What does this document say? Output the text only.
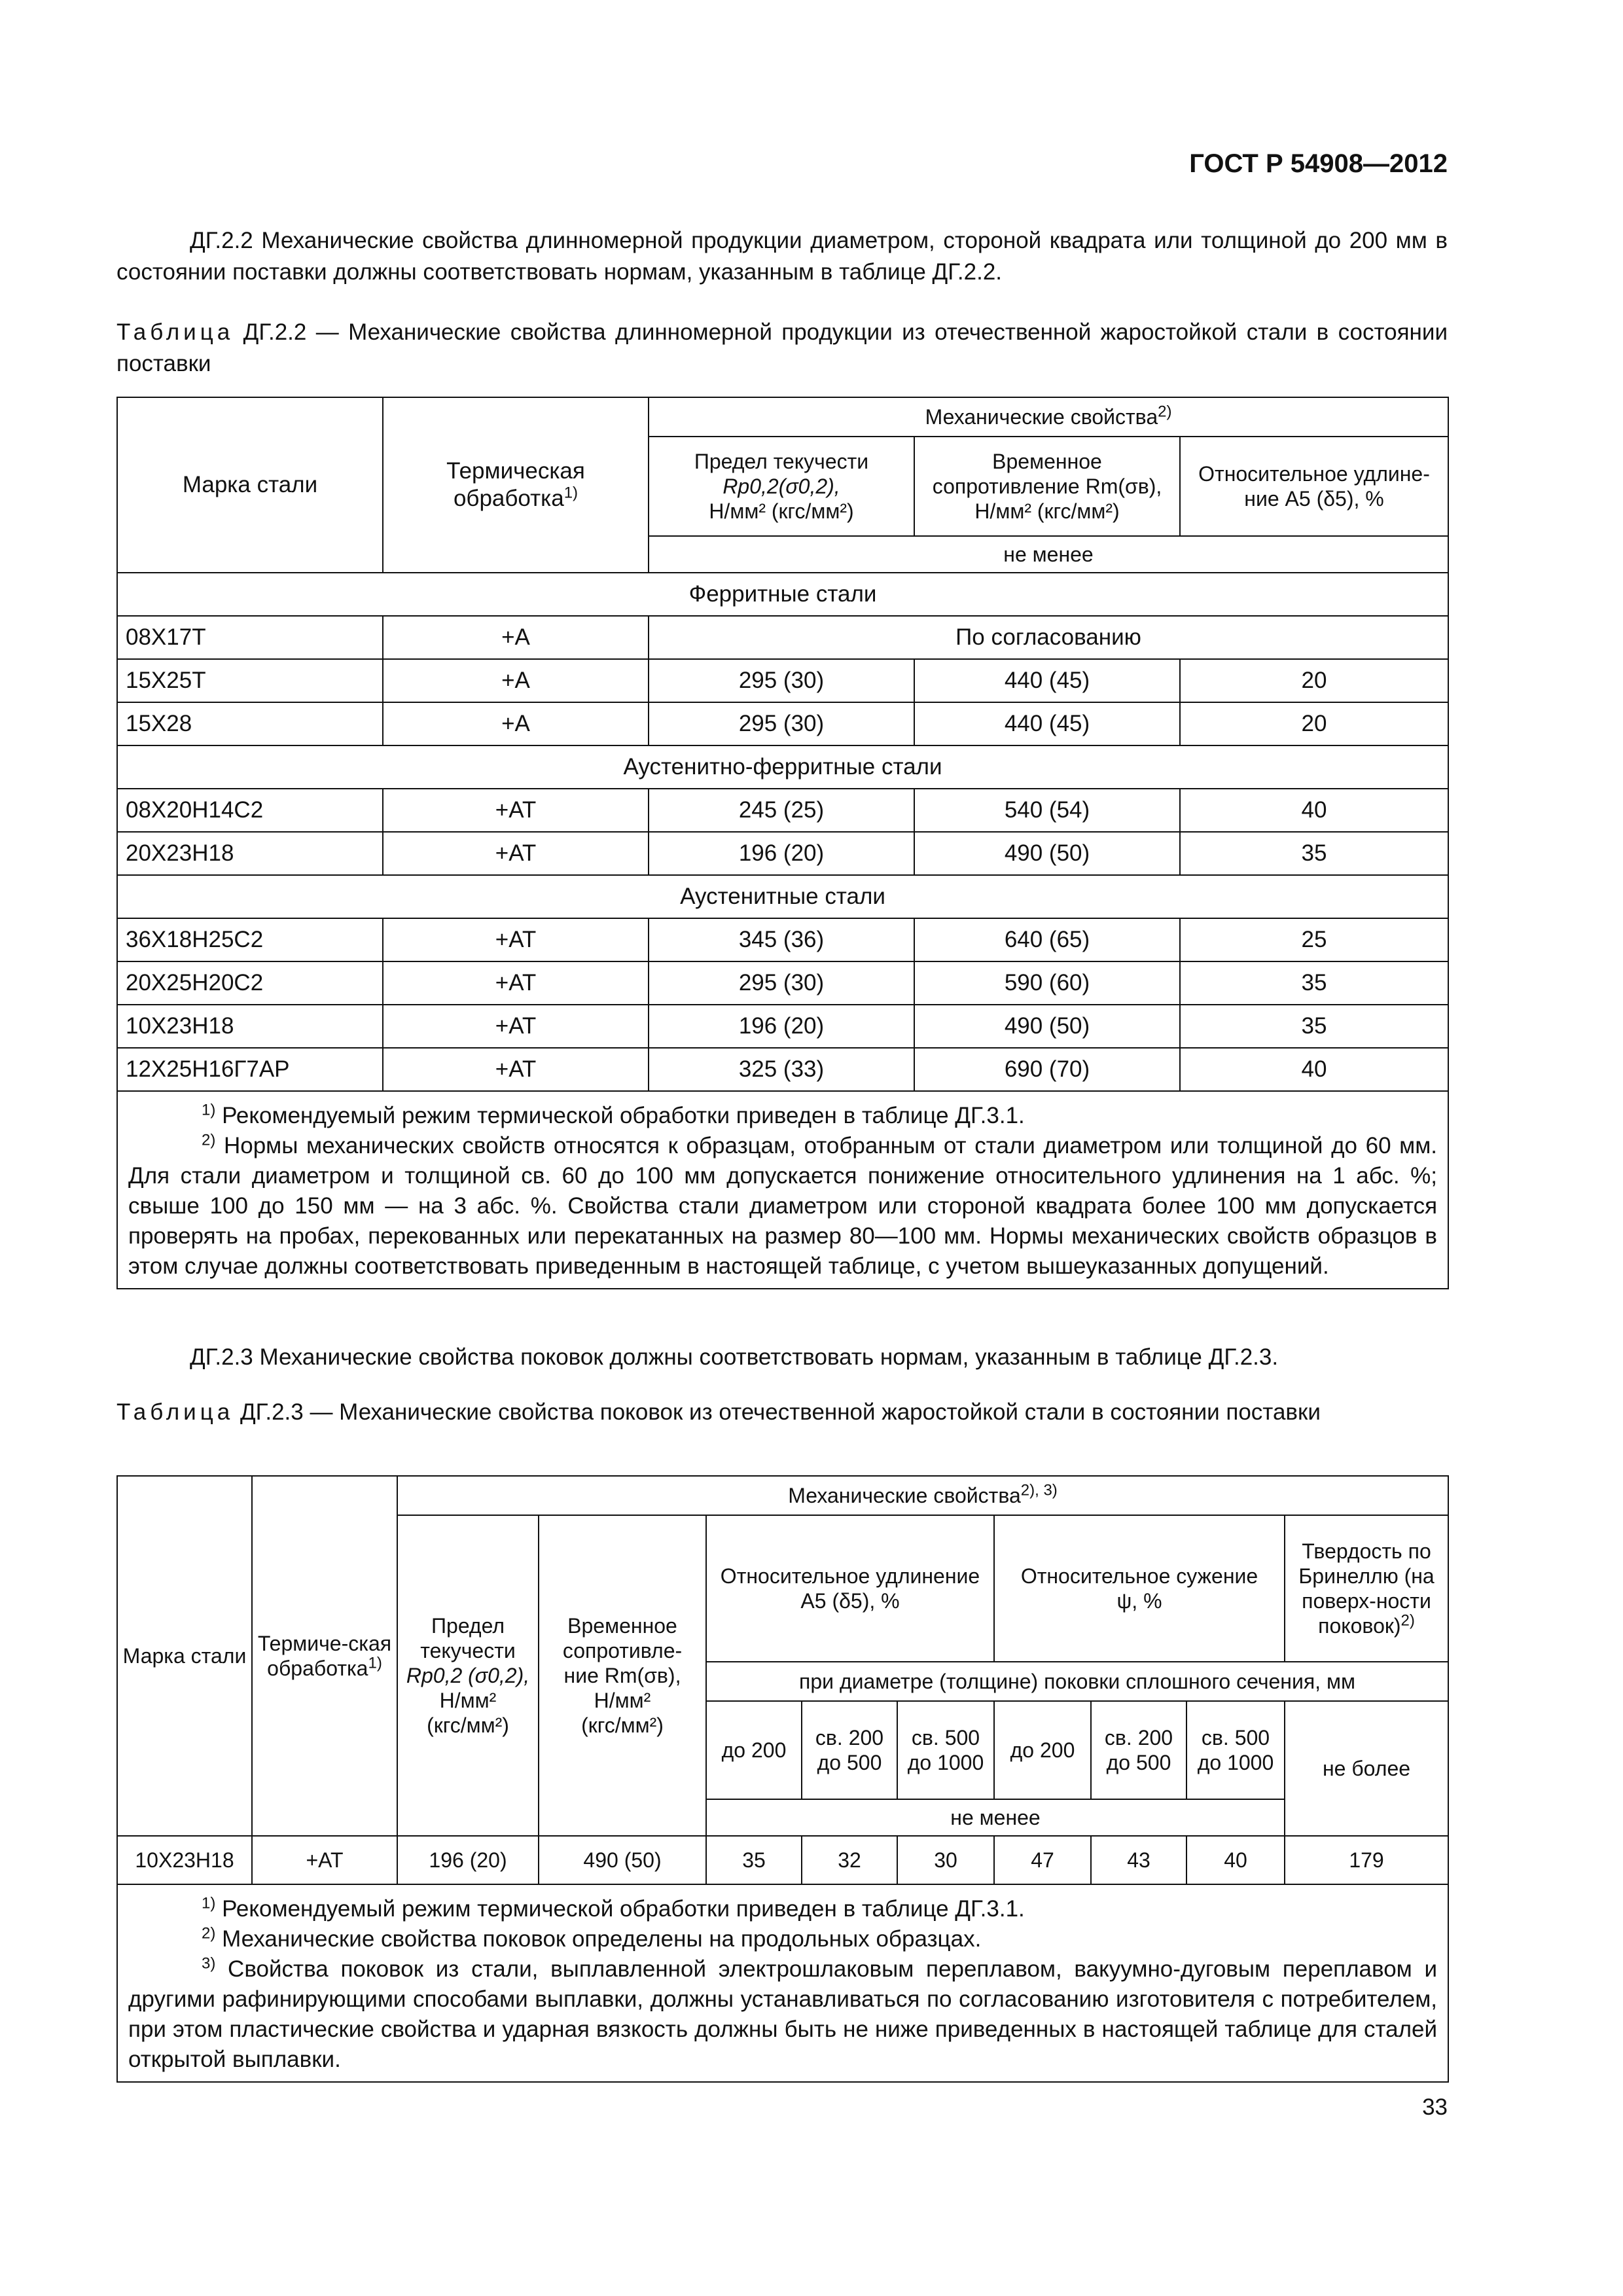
ГОСТ Р 54908—2012

ДГ.2.2 Механические свойства длинномерной продукции диаметром, стороной квадрата или толщиной до 200 мм в состоянии поставки должны соответствовать нормам, указанным в таблице ДГ.2.2.

Таблица ДГ.2.2 — Механические свойства длинномерной продукции из отечественной жаростойкой стали в состоянии поставки

Марка стали	Термическая обработка$^{1)}$	Механические свойства$^{2)}$
		Предел текучести
Rp0,2(σ0,2),
Н/мм² (кгс/мм²)	Временное
сопротивление Rm(σв),
Н/мм² (кгс/мм²)	Относительное удлине-
ние A5 (δ5), %
		не менее		
Ферритные стали				
08Х17Т	+А	По согласованию		
15Х25Т	+А	295 (30)	440 (45)	20
15Х28	+А	295 (30)	440 (45)	20
Аустенитно-ферритные стали				
08Х20Н14С2	+АТ	245 (25)	540 (54)	40
20Х23Н18	+АТ	196 (20)	490 (50)	35
Аустенитные стали				
36Х18Н25С2	+АТ	345 (36)	640 (65)	25
20Х25Н20С2	+АТ	295 (30)	590 (60)	35
10Х23Н18	+АТ	196 (20)	490 (50)	35
12Х25Н16Г7АР	+АТ	325 (33)	690 (70)	40

$^{1)}$ Рекомендуемый режим термической обработки приведен в таблице ДГ.3.1.

$^{2)}$ Нормы механических свойств относятся к образцам, отобранным от стали диаметром или толщиной до 60 мм. Для стали диаметром и толщиной св. 60 до 100 мм допускается понижение относительного удлинения на 1 абс. %; свыше 100 до 150 мм — на 3 абс. %. Свойства стали диаметром или стороной квадрата более 100 мм допускается проверять на пробах, перекованных или перекатанных на размер 80—100 мм. Нормы механических свойств образцов в этом случае должны соответствовать приведенным в настоящей таблице, с учетом вышеуказанных допущений.				

ДГ.2.3 Механические свойства поковок должны соответствовать нормам, указанным в таблице ДГ.2.3.

Таблица ДГ.2.3 — Механические свойства поковок из отечественной жаростойкой стали в состоянии поставки

Марка стали	Термиче-ская обработка$^{1)}$	Механические свойства$^{2), 3)}$
		Предел текучести
Rp0,2 (σ0,2),
Н/мм²
(кгс/мм²)	Временное сопротивле-
ние Rm(σв),
Н/мм²
(кгс/мм²)	Относительное удлинение A5 (δ5), %			Относительное сужение
ψ, %			Твердость по Бринеллю (на поверх-ности поковок)$^{2)}$
				при диаметре (толщине) поковки сплошного сечения, мм						
				до 200	св. 200 до 500	св. 500 до 1000	до 200	св. 200 до 500	св. 500 до 1000	не более
				не менее						

10Х23Н18	+АТ	196 (20)	490 (50)	35	32	30	47	43	40	179

$^{1)}$ Рекомендуемый режим термической обработки приведен в таблице ДГ.3.1.

$^{2)}$ Механические свойства поковок определены на продольных образцах.

$^{3)}$ Свойства поковок из стали, выплавленной электрошлаковым переплавом, вакуумно-дуговым переплавом и другими рафинирующими способами выплавки, должны устанавливаться по согласованию изготовителя с потребителем, при этом пластические свойства и ударная вязкость должны быть не ниже приведенных в настоящей таблице для сталей открытой выплавки.										

33
